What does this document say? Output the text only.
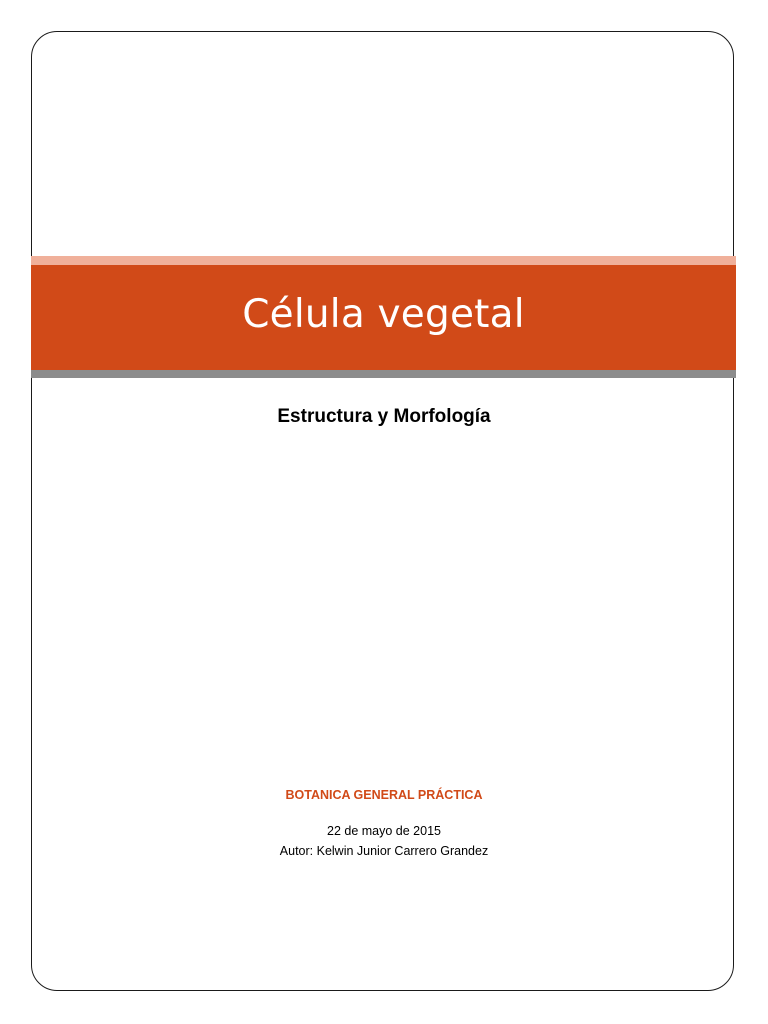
Célula vegetal
Estructura y Morfología
BOTANICA GENERAL PRÁCTICA
22 de mayo de 2015
Autor: Kelwin Junior Carrero Grandez
